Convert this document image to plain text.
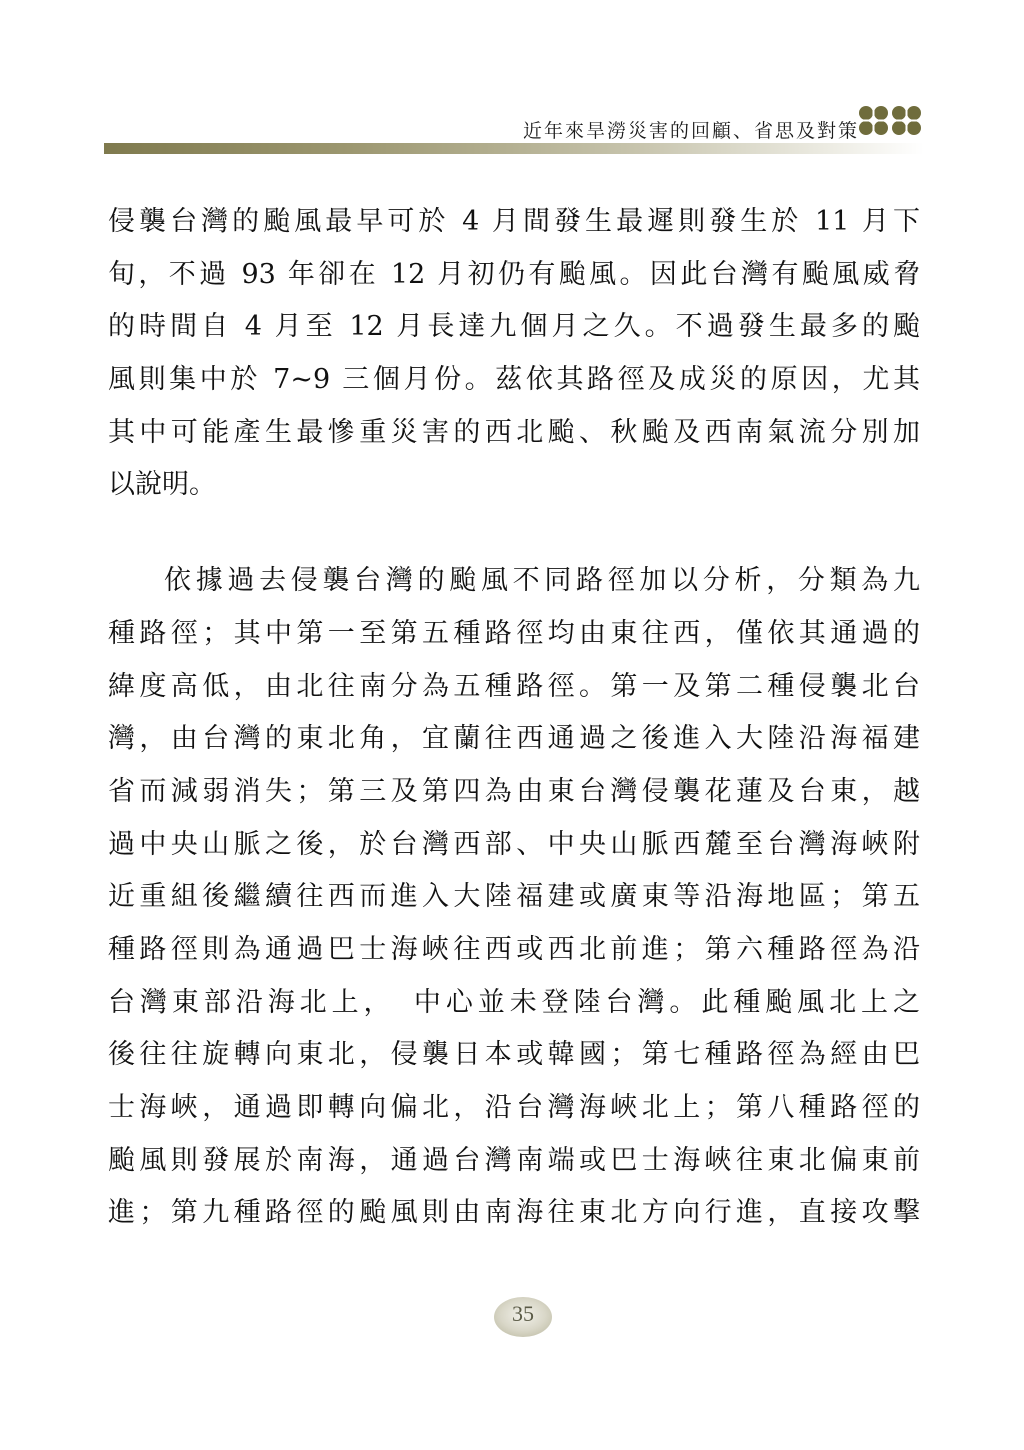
近年來旱澇災害的回顧、省思及對策
侵襲台灣的颱風最早可於 4 月間發生最遲則發生於 11 月下
旬，不過 93 年卻在 12 月初仍有颱風。因此台灣有颱風威脅
的時間自 4 月至 12 月長達九個月之久。不過發生最多的颱
風則集中於 7~9 三個月份。茲依其路徑及成災的原因，尤其
其中可能產生最慘重災害的西北颱、秋颱及西南氣流分別加
以說明。
依據過去侵襲台灣的颱風不同路徑加以分析，分類為九
種路徑；其中第一至第五種路徑均由東往西，僅依其通過的
緯度高低，由北往南分為五種路徑。第一及第二種侵襲北台
灣，由台灣的東北角，宜蘭往西通過之後進入大陸沿海福建
省而減弱消失；第三及第四為由東台灣侵襲花蓮及台東，越
過中央山脈之後，於台灣西部、中央山脈西麓至台灣海峽附
近重組後繼續往西而進入大陸福建或廣東等沿海地區；第五
種路徑則為通過巴士海峽往西或西北前進；第六種路徑為沿
台灣東部沿海北上，　中心並未登陸台灣。此種颱風北上之
後往往旋轉向東北，侵襲日本或韓國；第七種路徑為經由巴
士海峽，通過即轉向偏北，沿台灣海峽北上；第八種路徑的
颱風則發展於南海，通過台灣南端或巴士海峽往東北偏東前
進；第九種路徑的颱風則由南海往東北方向行進，直接攻擊
35
